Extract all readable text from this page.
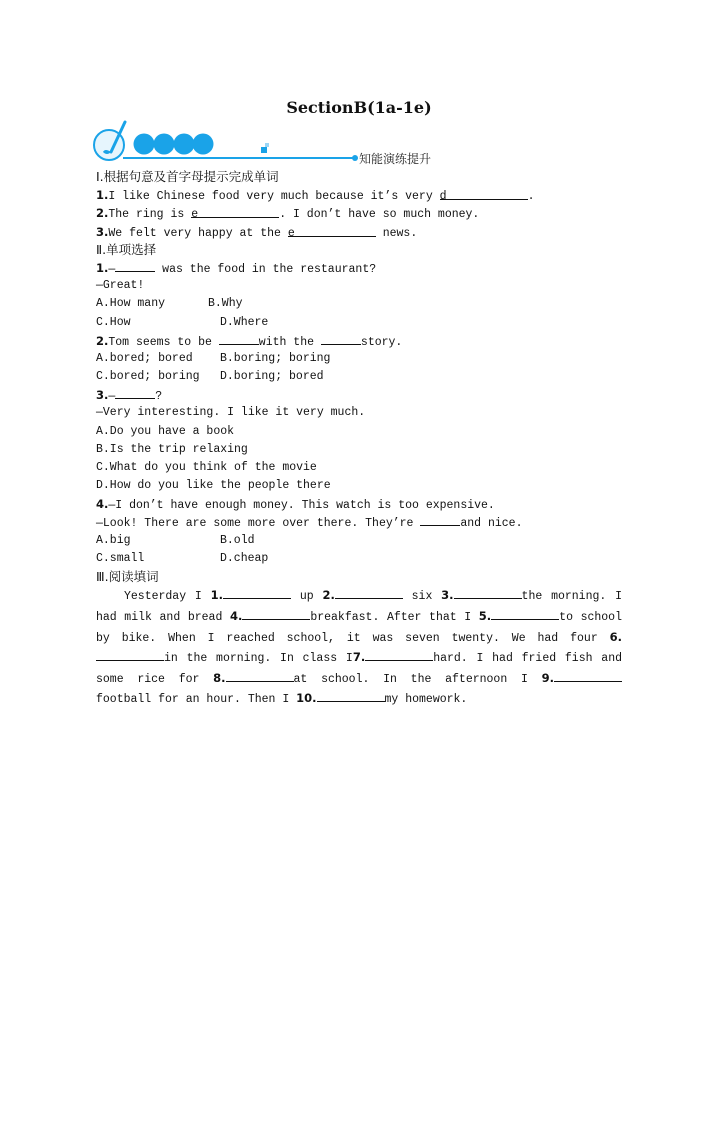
SectionB(1a-1e)
知能演练提升
Ⅰ.根据句意及首字母提示完成单词
1.I like Chinese food very much because it’s very d	.
2.The ring is e	. I don’t have so much money.
3.We felt very happy at the e	news.
Ⅱ.单项选择
1.—	was the food in the restaurant?
—Great!
A.How many	B.Why
C.How	D.Where
2.Tom seems to be	with the	story.
A.bored; bored B.boring; boring
C.bored; boring D.boring; bored
3.—	?
—Very interesting. I like it very much.
A.Do you have a book
B.Is the trip relaxing
C.What do you think of the movie
D.How do you like the people there
4.—I don’t have enough money. This watch is too expensive.
—Look! There are some more over there. They’re	and nice.
A.big	B.old
C.small	D.cheap
Ⅲ.阅读填词
Yesterday I 1.	up 2.	six 3.	the morning. I had milk and bread 4.	breakfast. After that I 5.	to school by bike. When I reached school, it was seven twenty. We had four 6.in the morning. In class I7.	hard. I had fried fish and some rice for 8.	at school. In the afternoon I 9. football for an hour. Then I 10.	my homework.
